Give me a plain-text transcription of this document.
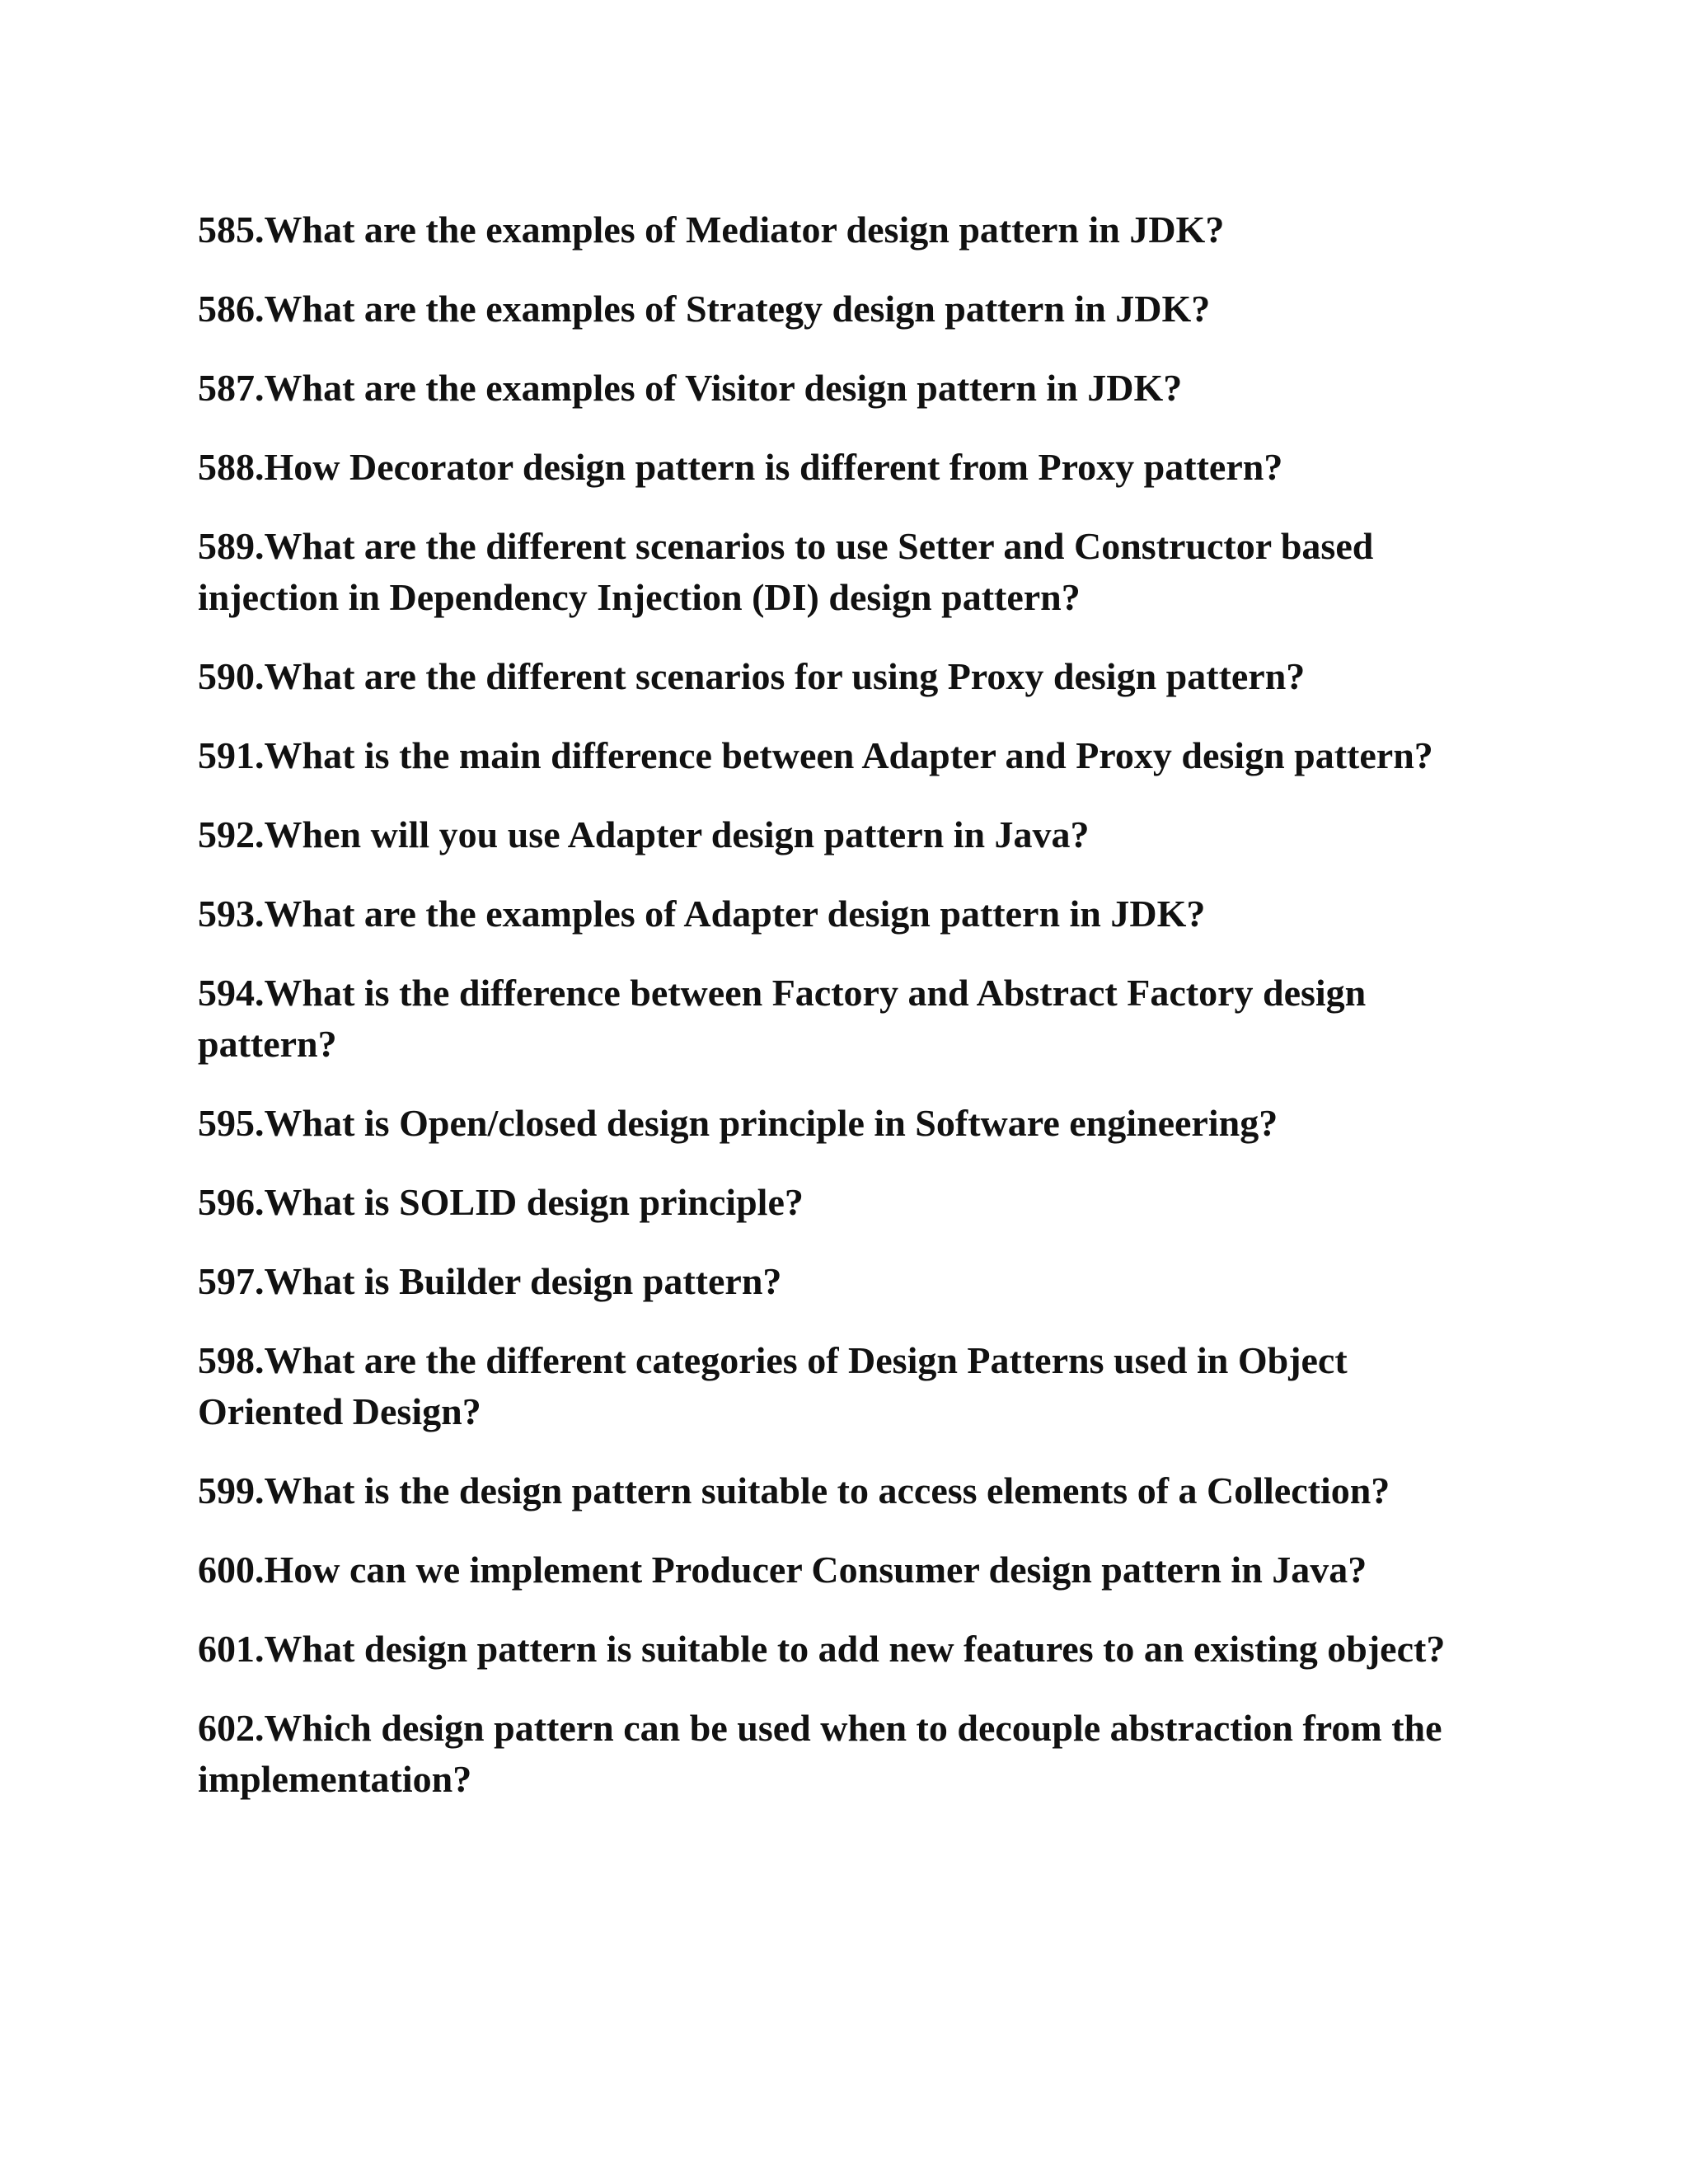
585.What are the examples of Mediator design pattern in JDK?
586.What are the examples of Strategy design pattern in JDK?
587.What are the examples of Visitor design pattern in JDK?
588.How Decorator design pattern is different from Proxy pattern?
589.What are the different scenarios to use Setter and Constructor based injection in Dependency Injection (DI) design pattern?
590.What are the different scenarios for using Proxy design pattern?
591.What is the main difference between Adapter and Proxy design pattern?
592.When will you use Adapter design pattern in Java?
593.What are the examples of Adapter design pattern in JDK?
594.What is the difference between Factory and Abstract Factory design pattern?
595.What is Open/closed design principle in Software engineering?
596.What is SOLID design principle?
597.What is Builder design pattern?
598.What are the different categories of Design Patterns used in Object Oriented Design?
599.What is the design pattern suitable to access elements of a Collection?
600.How can we implement Producer Consumer design pattern in Java?
601.What design pattern is suitable to add new features to an existing object?
602.Which design pattern can be used when to decouple abstraction from the implementation?
